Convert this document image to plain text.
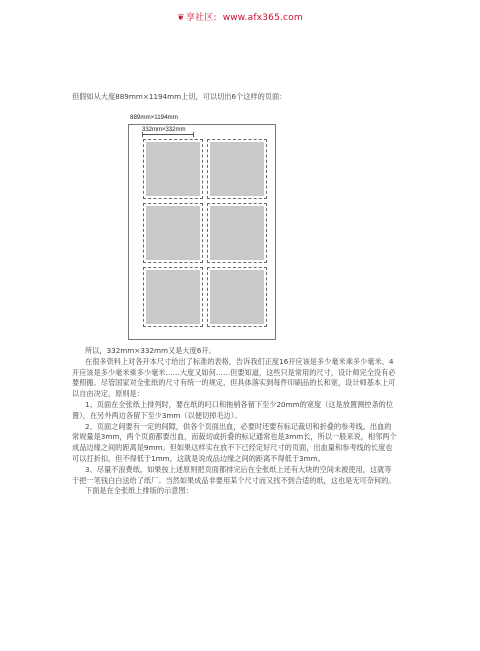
❦享社区: www.afx365.com
但假如从大度889mm×1194mm上切，可以切出6个这样的页面：
889mm×1194mm
332mm×332mm

所以，332mm×332mm又是大度6开。

在很多资料上对各开本尺寸给出了标准的表格，告诉我们正度16开应该是多少毫米乘多少毫米、4开应该是多少毫米乘多少毫米……大度又如何……但要知道，这些只是常用的尺寸，设计师完全没有必要照搬。尽管国家对全张纸的尺寸有统一的规定，但具体落实到每件印刷品的长和宽，设计师基本上可以自由决定，原则是：

1、页面在全张纸上排列时，要在纸的叼口和拖梢各留下至少20mm的宽度（这是放置测控条的位置），在另外两边各留下至少3mm（以便切掉毛边）。

2、页面之间要有一定的间隙，供各个页面出血，必要时还要有标记裁切和折叠的参考线。出血的常规量是3mm，两个页面都要出血，而裁切或折叠的标记通常也是3mm长，所以一般来说，相邻两个成品边缘之间的距离是9mm。但如果这样实在放不下已经定好尺寸的页面，出血量和参考线的长度也可以打折扣，但不得低于1mm，这就是说成品边缘之间的距离不得低于3mm。

3、尽量不浪费纸。如果按上述原则把页面都排完后在全张纸上还有大块的空间未被使用，这就等于把一笔钱白白送给了纸厂。当然如果成品非要用某个尺寸而又找不到合适的纸，这也是无可奈何的。

下面是在全张纸上排版的示意图：
